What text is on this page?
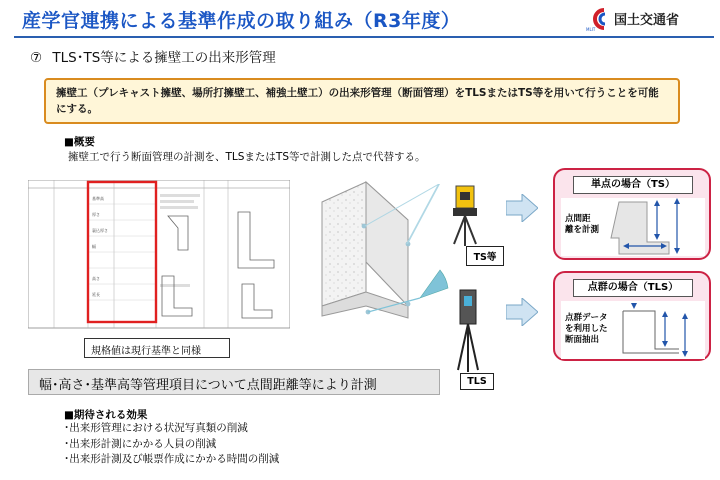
産学官連携による基準作成の取り組み（R3年度）	MLIT
国土交通省
⑦ TLS･TS等による擁壁工の出来形管理
擁壁工（プレキャスト擁壁、場所打擁壁工、補強土壁工）の出来形管理（断面管理）をTLSまたはTS等を用いて行うことを可能にする。
■概要
擁壁工で行う断面管理の計測を、TLSまたはTS等で計測した点で代替する。
基準高
厚さ
裏込厚さ
幅
高さ
延長
規格値は現行基準と同様
TS等
TLS
幅･高さ･基準高等管理項目について点間距離等により計測
単点の場合（TS）
点間距
離を計測
点群の場合（TLS）
点群データ
を利用した
断面抽出
■期待される効果
･出来形管理における状況写真類の削減
･出来形計測にかかる人員の削減
･出来形計測及び帳票作成にかかる時間の削減
